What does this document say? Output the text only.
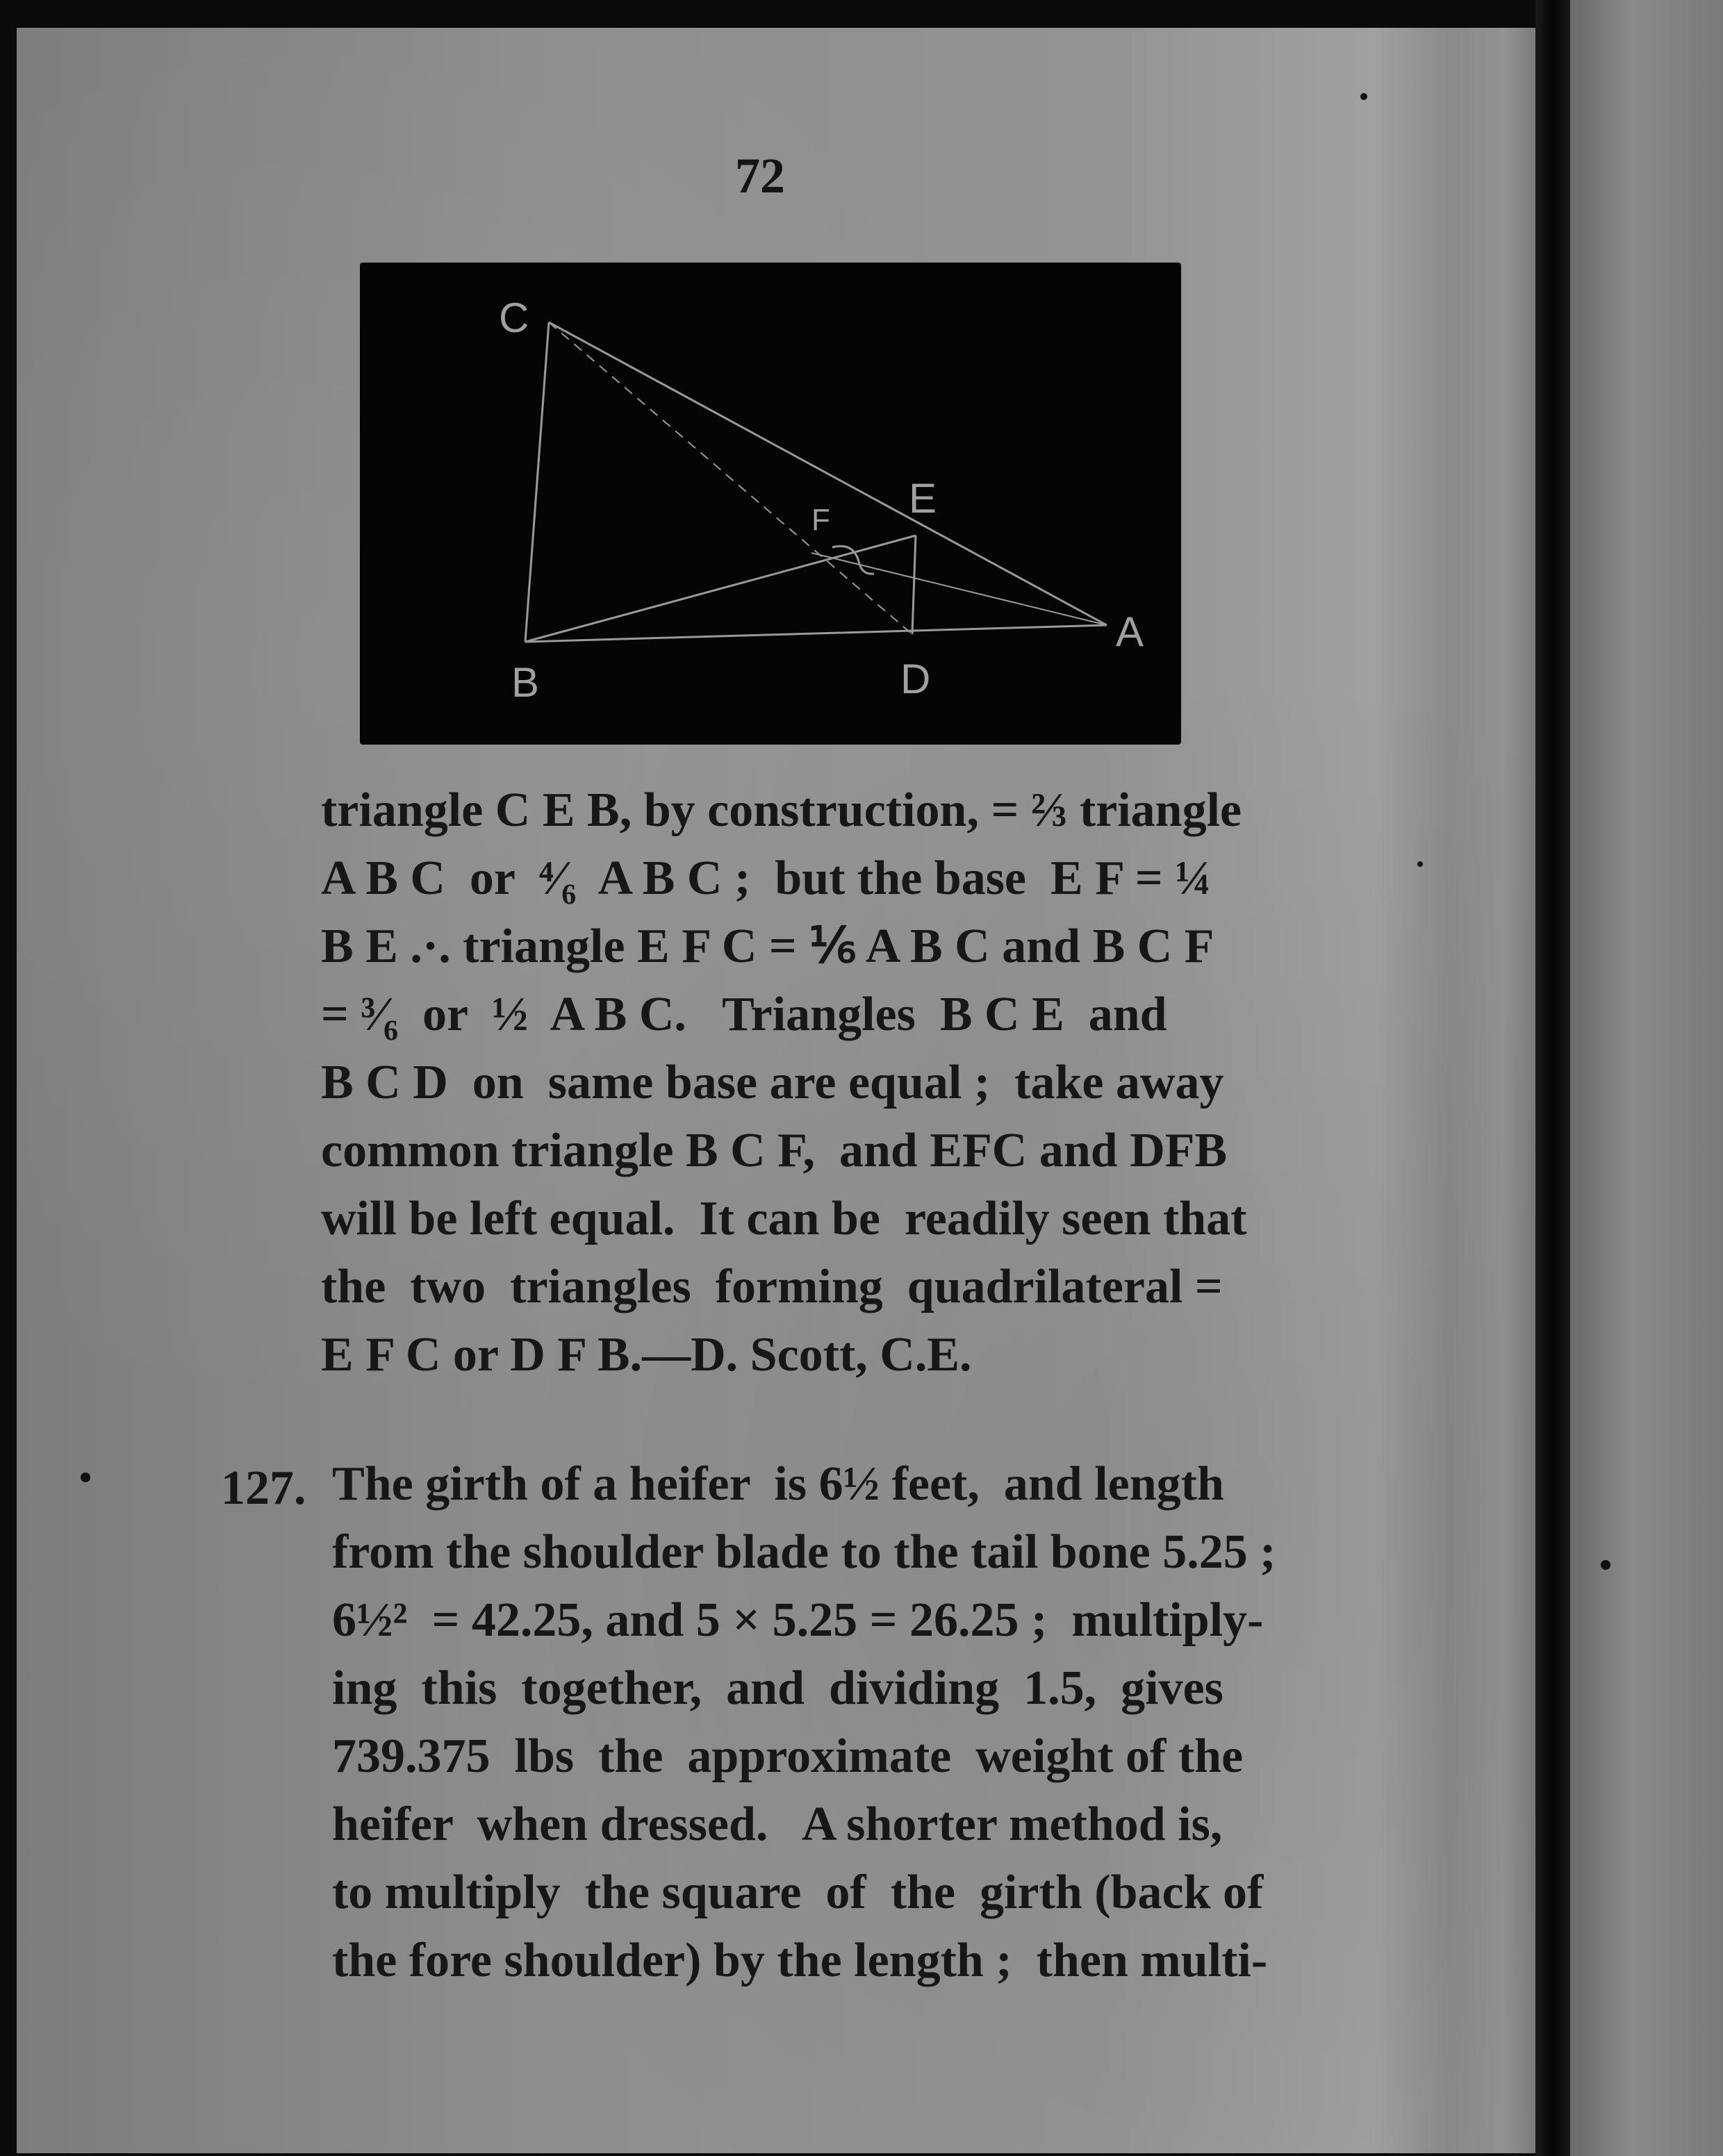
72
C
E
F
A
B	D
triangle C E B, by construction, = ⅔ triangle
A B C  or  ⁴⁄₆  A B C ;  but the base  E F = ¼
B E .·. triangle E F C = ⅙ A B C and B C F
= ³⁄₆  or  ½  A B C.   Triangles  B C E  and
B C D  on  same base are equal ;  take away
common triangle B C F,  and EFC and DFB
will be left equal.  It can be  readily seen that
the  two  triangles  forming  quadrilateral =
E F C or D F B.—D. Scott, C.E.
127. The girth of a heifer  is 6½ feet,  and length
from the shoulder blade to the tail bone 5.25 ;
6½²  = 42.25, and 5 × 5.25 = 26.25 ;  multiply-
ing  this  together,  and  dividing  1.5,  gives
739.375  lbs  the  approximate  weight of the
heifer  when dressed.   A shorter method is,
to multiply  the square  of  the  girth (back of
the fore shoulder) by the length ;  then multi-
